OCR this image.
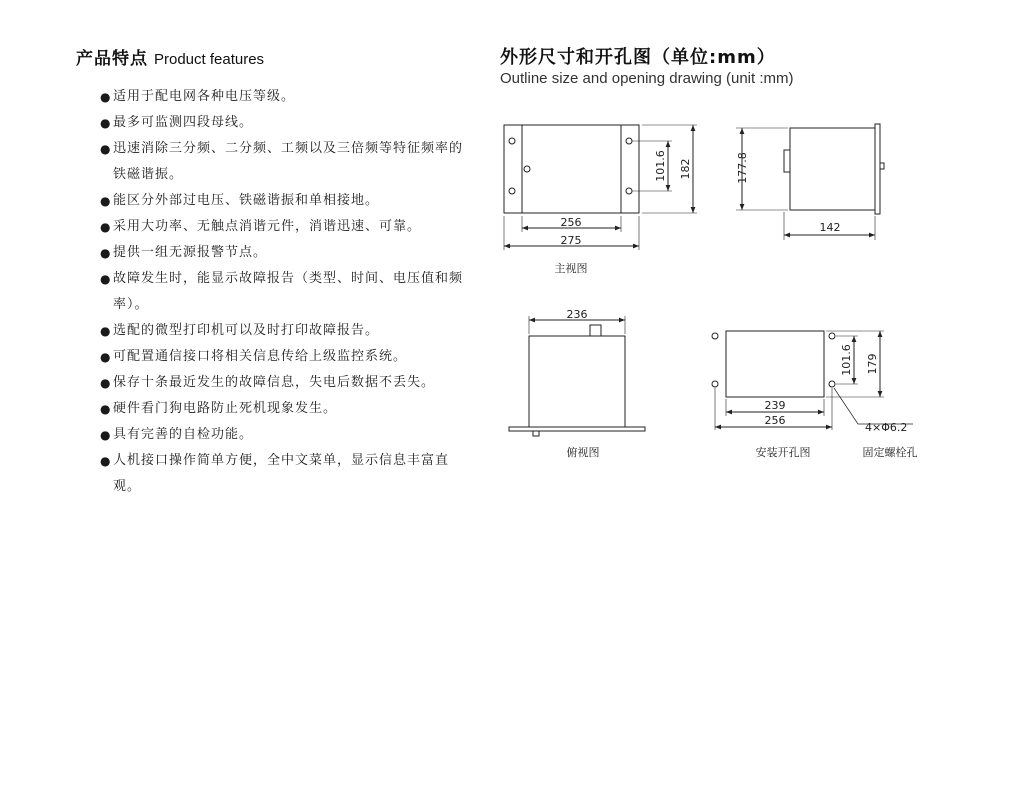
产品特点 Product features
● 适用于配电网各种电压等级。
● 最多可监测四段母线。
● 迅速消除三分频、二分频、工频以及三倍频等特征频率的铁磁谐振。
● 能区分外部过电压、铁磁谐振和单相接地。
● 采用大功率、无触点消谐元件，消谐迅速、可靠。
● 提供一组无源报警节点。
● 故障发生时，能显示故障报告（类型、时间、电压值和频率）。
● 选配的微型打印机可以及时打印故障报告。
● 可配置通信接口将相关信息传给上级监控系统。
● 保存十条最近发生的故障信息，失电后数据不丢失。
● 硬件看门狗电路防止死机现象发生。
● 具有完善的自检功能。
● 人机接口操作简单方便，全中文菜单，显示信息丰富直观。
外形尺寸和开孔图（单位:mm）
Outline size and opening drawing (unit :mm)
256
275
101.6 182
主视图
177.8
142
236
俯视图
239
256
101.6 179
4×Φ6.2
安装开孔图	固定螺栓孔
